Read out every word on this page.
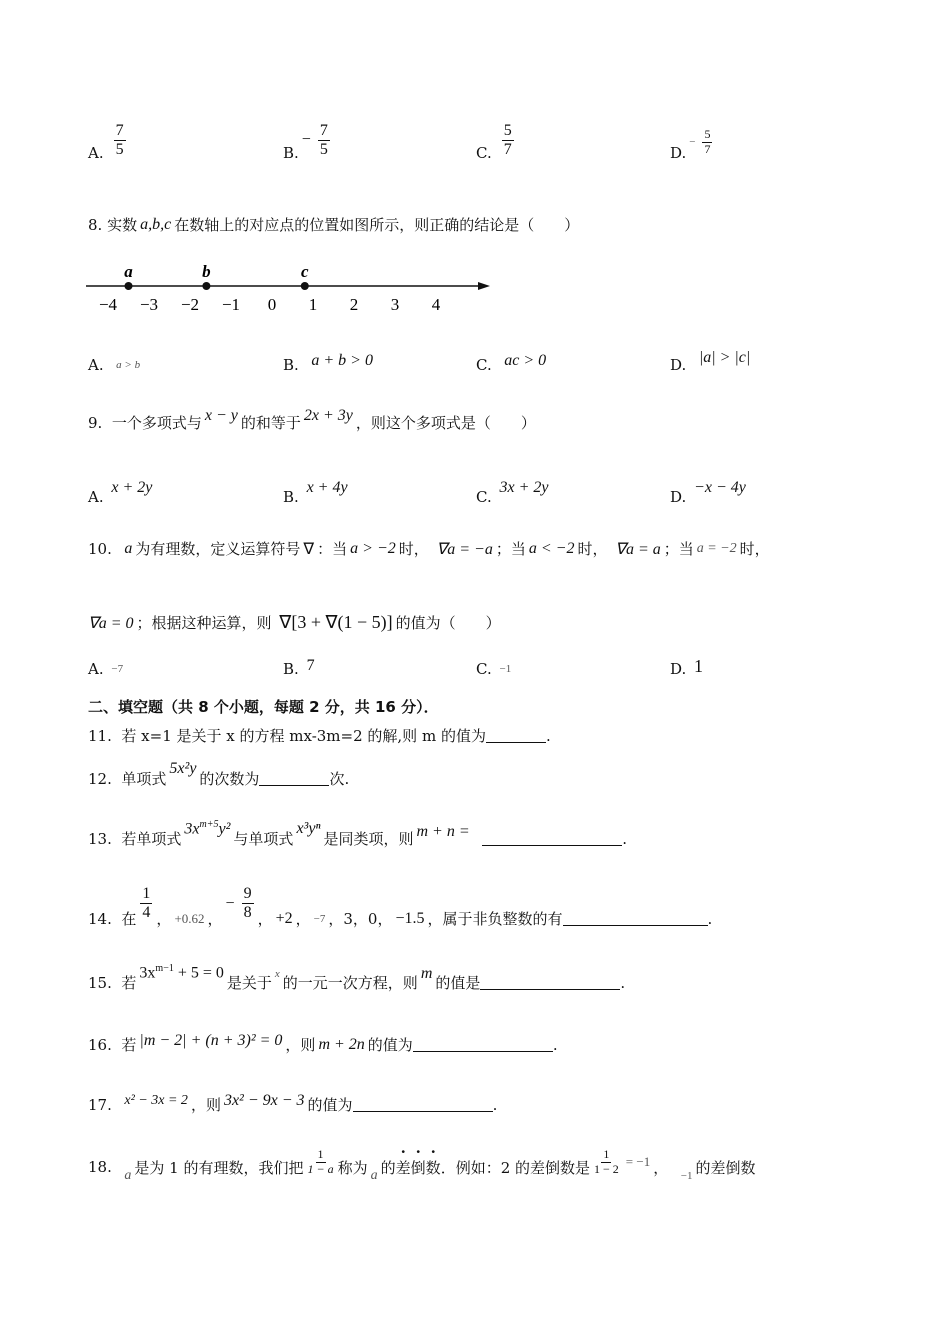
A. $\frac{7}{5}$	B.
− $\frac{7}{5}$	C. $\frac{5}{7}$	D.
− $\frac{5}{7}$
8.
实数 a,b,c 在数轴上的对应点的位置如图所示，则正确的结论是（　　）
−4 −3 −2 −1 0 1 2 3 4
a	b	c
A.
a > b	B.
a + b > 0	C.
ac > 0	D.
|a| > |c|
9.
一个多项式与 x − y 的和等于 2x + 3y ，则这个多项式是（　　）
A.

x + 2y
B.

x + 4y
C.

3x + 2y
D.

−x − 4y
10.
a 为有理数，定义运算符号 ∇ ：当 a > −2 时，
∇a = −a ；当 a < −2 时，
∇a = a ；当 a = −2 时，
∇a = 0 ；根据这种运算，则
∇[3 + ∇(1 − 5)] 的值为（　　）
A.
−7	B.
7	C.
−1	D.
1
二、填空题（共 8 个小题，每题 2 分，共 16 分）．
11.
若 x=1 是关于 x 的方程 mx-3m=2 的解,则 m 的值为	.
12.
单项式
5x²y
的次数为	次.
13.
若单项式
$3x^{m+5}y^2$
与单项式
x³yⁿ
是同类项，则 m + n =
	.
14.
在 $\frac{1}{4}$ ， +0.62 ，
− $\frac{9}{8}$ ， +2 ， −7 ，3，0， −1.5 ，属于非负整数的有	.
15.
若
$3x^{m-1} + 5 = 0$
是关于
x
的一元一次方程，则
m
的值是	.
16.
若 |m − 2| + (n + 3)² = 0 ，则 m + 2n 的值为	.
17.
x² − 3x = 2 ，则 3x² − 9x − 3 的值为	.
18.
a 是为 1 的有理数，我们把 $\frac{1}{1 - a}$ 称为 a 的 差倒数 ．例如：2 的差倒数是 $\frac{1}{1 - 2} = -1$ ，
−1 的差倒数
